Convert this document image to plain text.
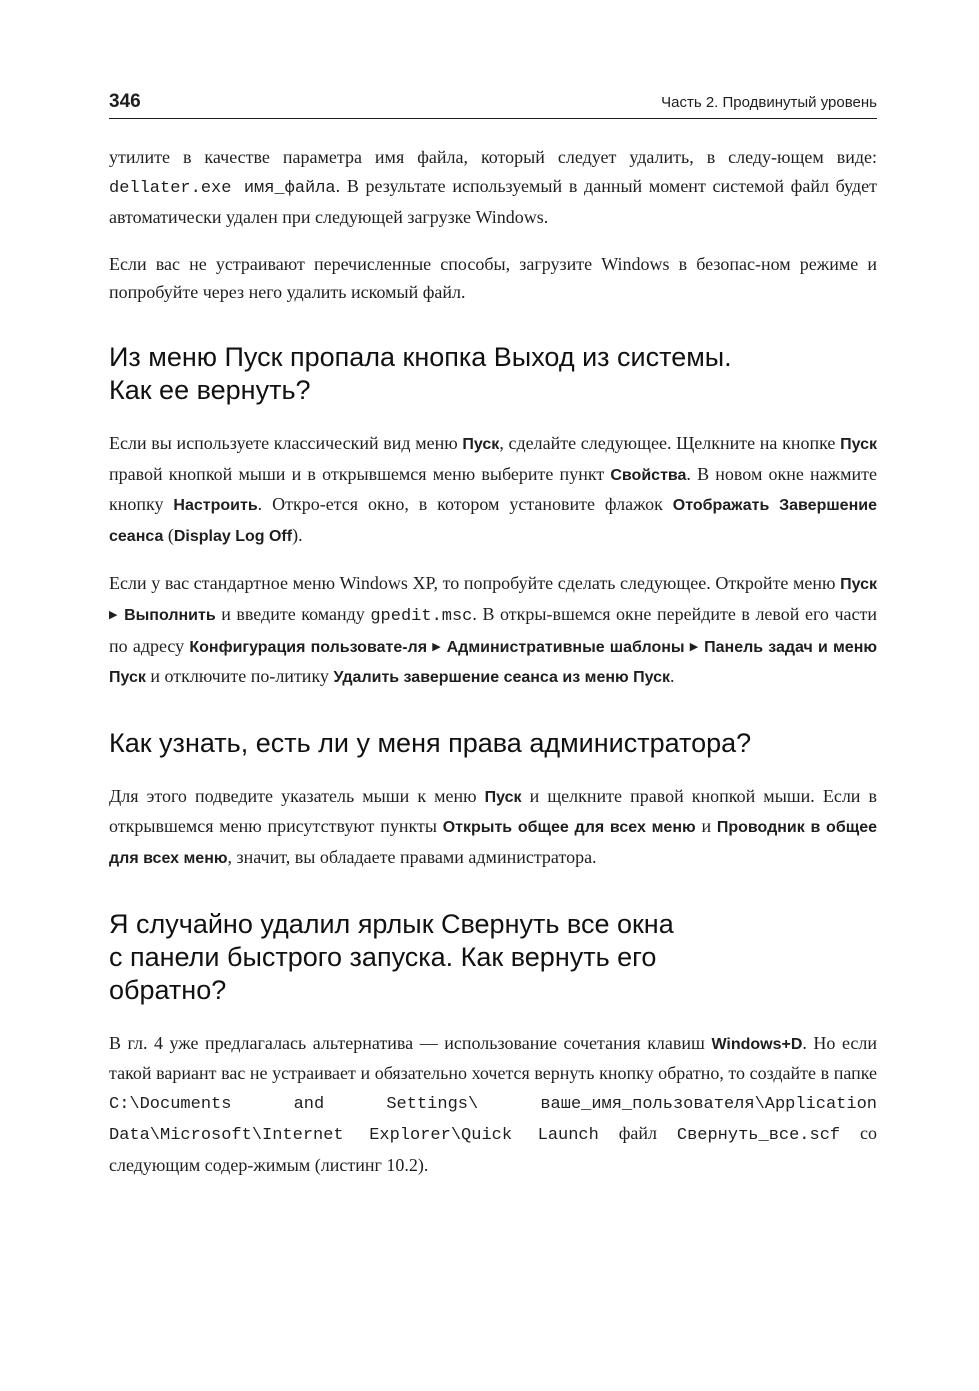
346	Часть 2. Продвинутый уровень

утилите в качестве параметра имя файла, который следует удалить, в следу-ющем виде: dellater.exe имя_файла. В результате используемый в данный момент системой файл будет автоматически удален при следующей загрузке Windows.

Если вас не устраивают перечисленные способы, загрузите Windows в безопас-ном режиме и попробуйте через него удалить искомый файл.

Из меню Пуск пропала кнопка Выход из системы.
Как ее вернуть?

Если вы используете классический вид меню Пуск, сделайте следующее. Щелкните на кнопке Пуск правой кнопкой мыши и в открывшемся меню выберите пункт Свойства. В новом окне нажмите кнопку Настроить. Откро-ется окно, в котором установите флажок Отображать Завершение сеанса (Display Log Off).

Если у вас стандартное меню Windows XP, то попробуйте сделать следующее. Откройте меню Пуск ▶ Выполнить и введите команду gpedit.msc. В откры-вшемся окне перейдите в левой его части по адресу Конфигурация пользовате-ля ▶ Административные шаблоны ▶ Панель задач и меню Пуск и отключите по-литику Удалить завершение сеанса из меню Пуск.

Как узнать, есть ли у меня права администратора?

Для этого подведите указатель мыши к меню Пуск и щелкните правой кнопкой мыши. Если в открывшемся меню присутствуют пункты Открыть общее для всех меню и Проводник в общее для всех меню, значит, вы обладаете правами администратора.

Я случайно удалил ярлык Свернуть все окна
с панели быстрого запуска. Как вернуть его
обратно?

В гл. 4 уже предлагалась альтернатива — использование сочетания клавиш Windows+D. Но если такой вариант вас не устраивает и обязательно хочется вернуть кнопку обратно, то создайте в папке C:\Documents and Settings\ ваше_имя_пользователя\Application Data\Microsoft\Internet Explorer\Quick Launch файл Свернуть_все.scf со следующим содер-жимым (листинг 10.2).
